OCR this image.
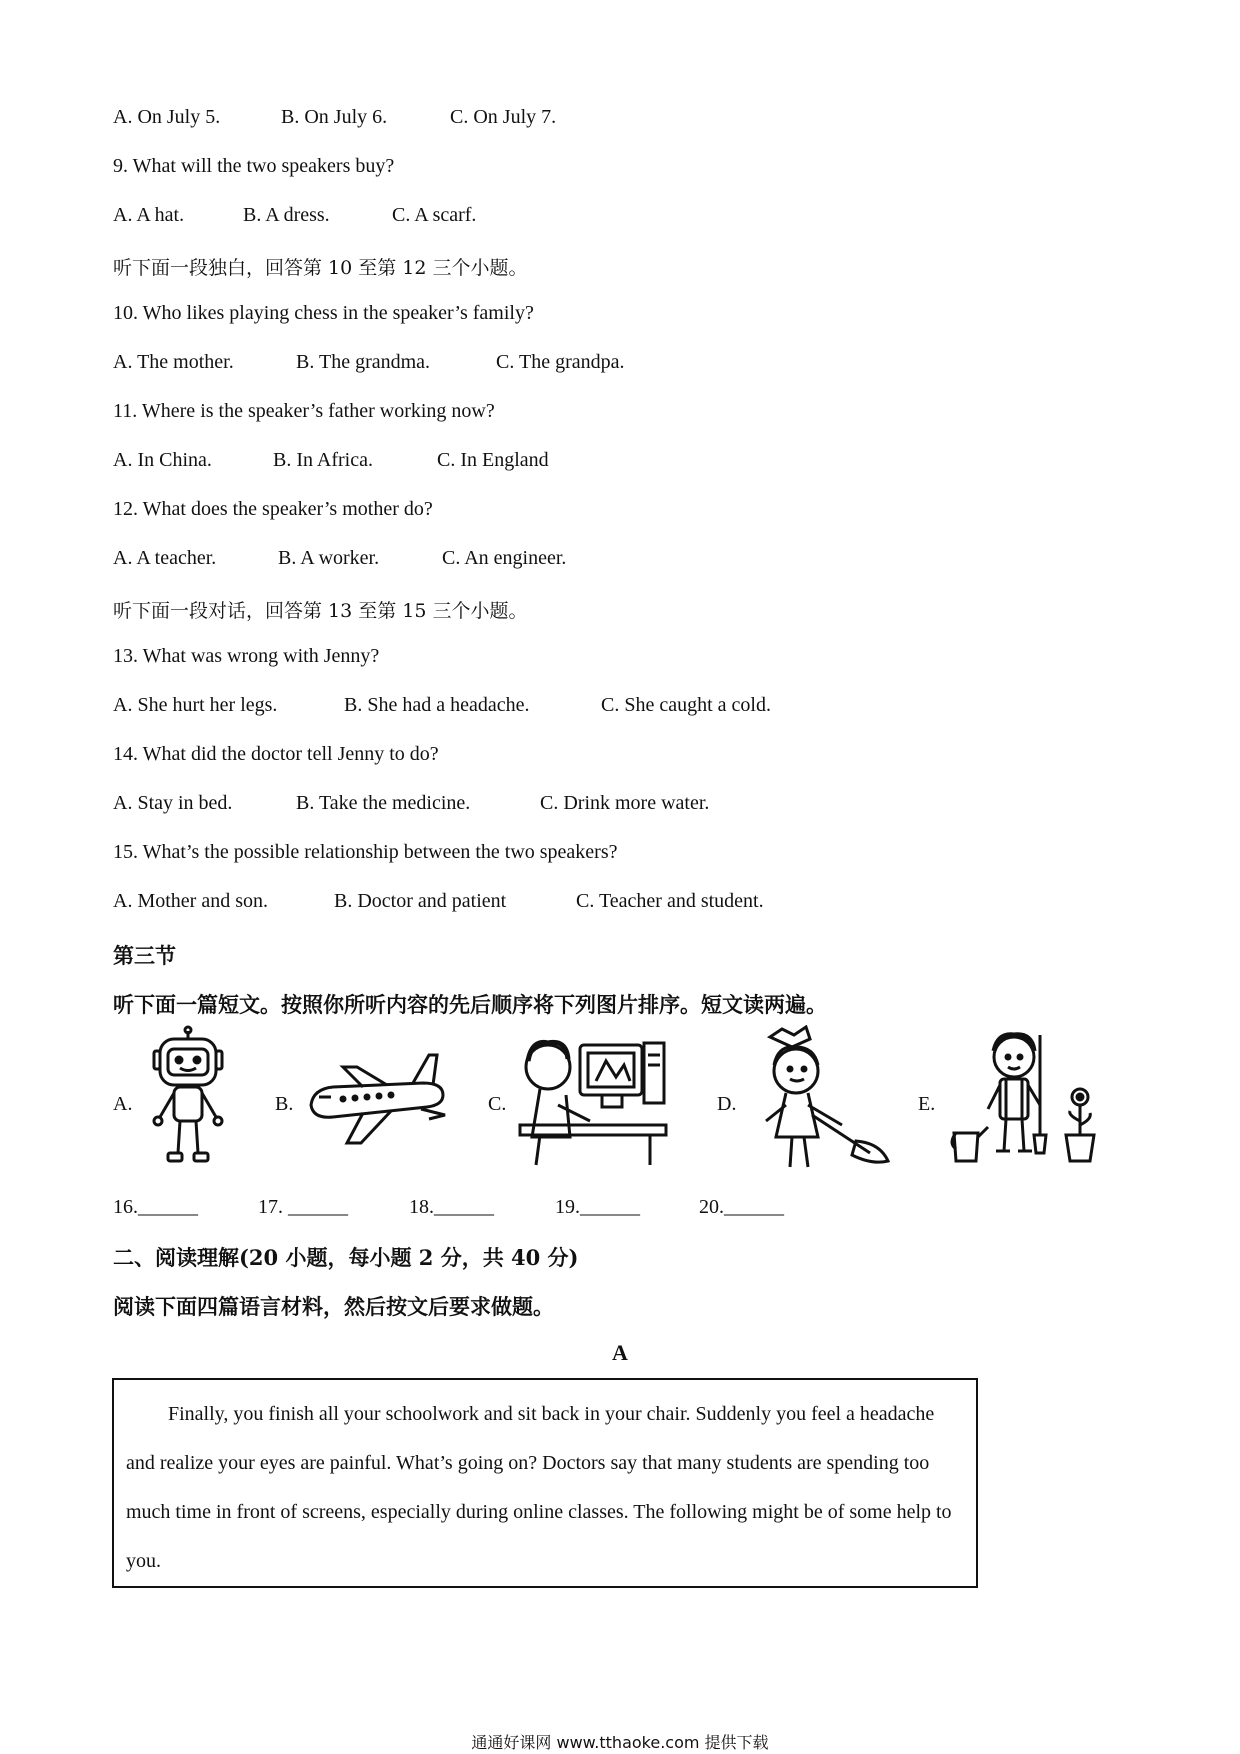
A. On July 5.	B. On July 6.	C. On July 7.
9. What will the two speakers buy?
A. A hat.	B. A dress.	C. A scarf.
听下面一段独白，回答第 10 至第 12 三个小题。
10. Who likes playing chess in the speaker’s family?
A. The mother.	B. The grandma.	C. The grandpa.
11. Where is the speaker’s father working now?
A. In China.	B. In Africa.	C. In England
12. What does the speaker’s mother do?
A. A teacher.	B. A worker.	C. An engineer.
听下面一段对话，回答第 13 至第 15 三个小题。
13. What was wrong with Jenny?
A. She hurt her legs.	B. She had a headache.	C. She caught a cold.
14. What did the doctor tell Jenny to do?
A. Stay in bed.	B. Take the medicine.	C. Drink more water.
15. What’s the possible relationship between the two speakers?
A. Mother and son.	B. Doctor and patient	C. Teacher and student.
第三节
听下面一篇短文。按照你所听内容的先后顺序将下列图片排序。短文读两遍。
A.	B.	C.	D.	E.
16.______	17. ______	18.______	19.______	20.______
二、阅读理解(20 小题，每小题 2 分，共 40 分)
阅读下面四篇语言材料，然后按文后要求做题。
A

Finally, you finish all your schoolwork and sit back in your chair. Suddenly you feel a headache and realize your eyes are painful. What’s going on? Doctors say that many students are spending too much time in front of screens, especially during online classes. The following might be of some help to you.

通通好课网 www.tthaoke.com 提供下载
